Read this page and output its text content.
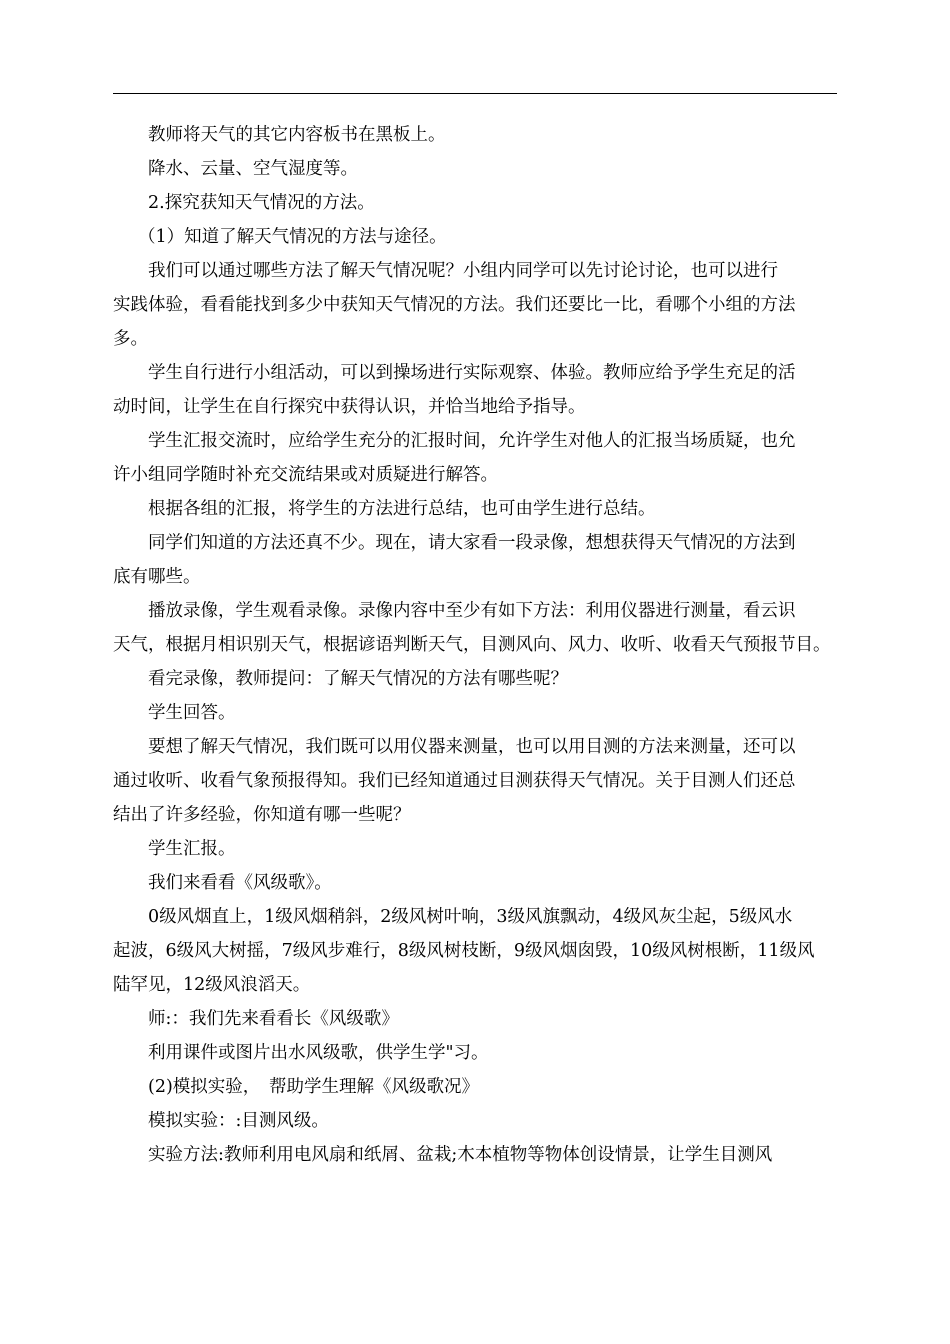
教师将天气的其它内容板书在黑板上。

降水、云量、空气湿度等。

2.探究获知天气情况的方法。

（1）知道了解天气情况的方法与途径。

我们可以通过哪些方法了解天气情况呢？小组内同学可以先讨论讨论，也可以进行

实践体验，看看能找到多少中获知天气情况的方法。我们还要比一比，看哪个小组的方法

多。

学生自行进行小组活动，可以到操场进行实际观察、体验。教师应给予学生充足的活

动时间，让学生在自行探究中获得认识，并恰当地给予指导。

学生汇报交流时，应给学生充分的汇报时间，允许学生对他人的汇报当场质疑，也允

许小组同学随时补充交流结果或对质疑进行解答。

根据各组的汇报，将学生的方法进行总结，也可由学生进行总结。

同学们知道的方法还真不少。现在，请大家看一段录像，想想获得天气情况的方法到

底有哪些。

播放录像，学生观看录像。录像内容中至少有如下方法：利用仪器进行测量，看云识

天气，根据月相识别天气，根据谚语判断天气，目测风向、风力、收听、收看天气预报节目。

看完录像，教师提问：了解天气情况的方法有哪些呢？

学生回答。

要想了解天气情况，我们既可以用仪器来测量，也可以用目测的方法来测量，还可以

通过收听、收看气象预报得知。我们已经知道通过目测获得天气情况。关于目测人们还总

结出了许多经验，你知道有哪一些呢？

学生汇报。

我们来看看《风级歌》。

0级风烟直上，1级风烟稍斜，2级风树叶响，3级风旗飘动，4级风灰尘起，5级风水

起波，6级风大树摇，7级风步难行，8级风树枝断，9级风烟囱毁，10级风树根断，11级风

陆罕见，12级风浪滔天。

师:：我们先来看看长《风级歌》

利用课件或图片出水风级歌，供学生学"习。

(2)模拟实验，　帮助学生理解《风级歌况》

模拟实验：:目测风级。

实验方法:教师利用电风扇和纸屑、盆栽;木本植物等物体创设情景，让学生目测风
